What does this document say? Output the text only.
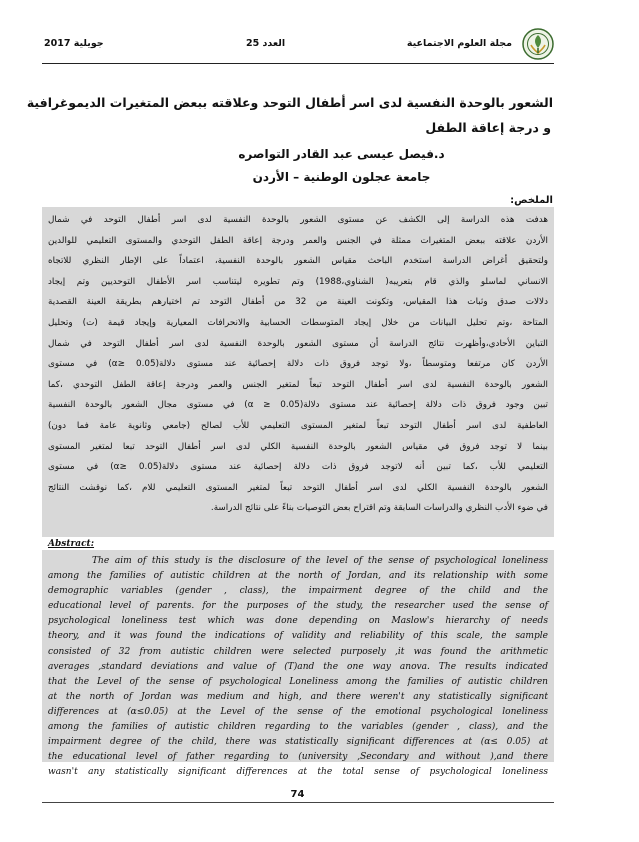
مجلة العلوم الاجتماعية
العدد 25
جويلية 2017
الشعور بالوحدة النفسية لدى اسر أطفال التوحد وعلاقته ببعض المتغيرات الديموغرافية
و درجة إعاقة الطفل
د.فيصل عيسى عبد القادر التواصره
جامعة عجلون الوطنية – الأردن
الملخص:
هدفت هذه الدراسة إلى الكشف عن مستوى الشعور بالوحدة النفسية لدى اسر أطفال التوحد في شمال
الأردن علاقته ببعض المتغيرات ممثلة في الجنس والعمر ودرجة إعاقة الطفل التوحدي والمستوى التعليمي للوالدين
ولتحقيق أغراض الدراسة استخدم الباحث مقياس الشعور بالوحدة النفسية، اعتماداً على الإطار النظري للاتجاه
الانساني لماسلو والذي قام بتعريبه( الشناوي،1988) وتم تطويره ليتناسب اسر الأطفال التوحديين وتم إيجاد
دلالات صدق وثبات هذا المقياس، وتكونت العينة من 32 من أطفال التوحد تم اختيارهم بطريقة العينة القصدية
المتاحة ،وتم تحليل البيانات من خلال إيجاد المتوسطات الحسابية والانحرافات المعيارية وإيجاد قيمة (ت) وتحليل
التباين الأحادي،وأظهرت نتائج الدراسة أن مستوى الشعور بالوحدة النفسية لدى اسر أطفال التوحد في شمال
الأردن كان مرتفعا ومتوسطاً ،ولا توجد فروق ذات دلالة إحصائية عند مستوى دلالة(α≥ 0.05) في مستوى
الشعور بالوحدة النفسية لدى اسر أطفال التوحد تبعاً لمتغير الجنس والعمر ودرجة إعاقة الطفل التوحدي ،كما
تبين وجود فروق ذات دلالة إحصائية عند مستوى دلالة(α ≥ 0.05) في مستوى مجال الشعور بالوحدة النفسية
العاطفية لدى اسر أطفال التوحد تبعاً لمتغير المستوى التعليمي للأب لصالح (جامعي وثانوية عامة فما دون)
بينما لا توجد فروق في مقياس الشعور بالوحدة النفسية الكلي لدى اسر أطفال التوحد تبعا لمتغير المستوى
التعليمي للأب ،كما تبين أنه لاتوجد فروق ذات دلالة إحصائية عند مستوى دلالة(α≥ 0.05) في مستوى
الشعور بالوحدة النفسية الكلي لدى اسر أطفال التوحد تبعاً لمتغير المستوى التعليمي للام ،كما نوقشت النتائج
في ضوء الأدب النظري والدراسات السابقة وتم اقتراح بعض التوصيات بناءً على نتائج الدراسة.
Abstract:
The aim of this study is the disclosure of the level of the sense of psychological loneliness
among the families of autistic children at the north of Jordan, and its relationship with some
demographic variables (gender , class), the impairment degree of the child and the
educational level of parents. for the purposes of the study, the researcher used the sense of
psychological loneliness test which was done depending on Maslow's hierarchy of needs
theory, and it was found the indications of validity and reliability of this scale, the sample
consisted of 32 from autistic children were selected purposely ,it was found the arithmetic
averages ,standard deviations and value of (T)and the one way anova. The results indicated
that the Level of the sense of psychological Loneliness among the families of autistic children
at the north of Jordan was medium and high, and there weren't any statistically significant
differences at (α≤0.05) at the Level of the sense of the emotional psychological loneliness
among the families of autistic children regarding to the variables (gender , class), and the
impairment degree of the child, there was statistically significant differences at (α≤ 0.05) at
the educational level of father regarding to (university ,Secondary and without ),and there
wasn't any statistically significant differences at the total sense of psychological loneliness
74
